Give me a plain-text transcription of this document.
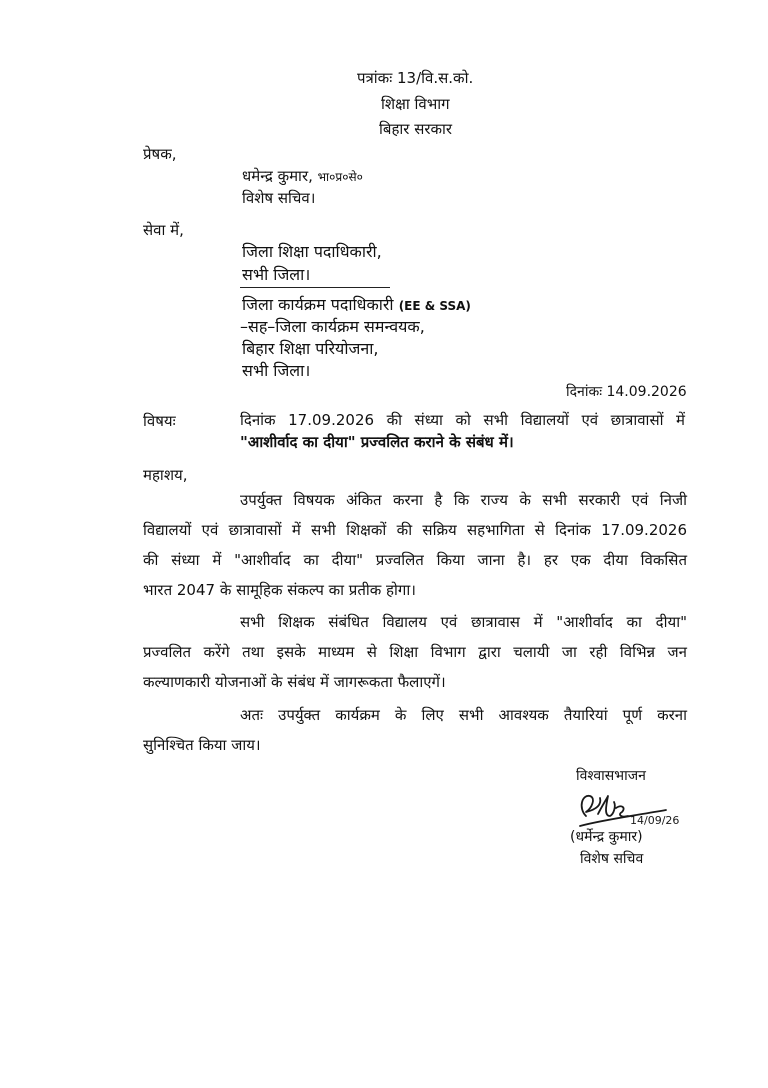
पत्रांकः 13/वि.स.को.
शिक्षा विभाग
बिहार सरकार
प्रेषक,
धमेन्द्र कुमार, भा०प्र०से०
विशेष सचिव।
सेवा में,
जिला शिक्षा पदाधिकारी,
सभी जिला।
जिला कार्यक्रम पदाधिकारी (EE & SSA)
–सह–जिला कार्यक्रम समन्वयक,
बिहार शिक्षा परियोजना,
सभी जिला।
दिनांकः 14.09.2026
विषयः	दिनांक 17.09.2026 की संध्या को सभी विद्यालयों एवं छात्रावासों में
"आशीर्वाद का दीया" प्रज्वलित कराने के संबंध में।
महाशय,
उपर्युक्त विषयक अंकित करना है कि राज्य के सभी सरकारी एवं निजी
विद्यालयों एवं छात्रावासों में सभी शिक्षकों की सक्रिय सहभागिता से दिनांक 17.09.2026
की संध्या में "आशीर्वाद का दीया" प्रज्वलित किया जाना है। हर एक दीया विकसित
भारत 2047 के सामूहिक संकल्प का प्रतीक होगा।
सभी शिक्षक संबंधित विद्यालय एवं छात्रावास में "आशीर्वाद का दीया"
प्रज्वलित करेंगे तथा इसके माध्यम से शिक्षा विभाग द्वारा चलायी जा रही विभिन्न जन
कल्याणकारी योजनाओं के संबंध में जागरूकता फैलाएगें।
अतः उपर्युक्त कार्यक्रम के लिए सभी आवश्यक तैयारियां पूर्ण करना
सुनिश्चित किया जाय।
विश्वासभाजन
14/09/26
(धर्मेन्द्र कुमार)
विशेष सचिव
